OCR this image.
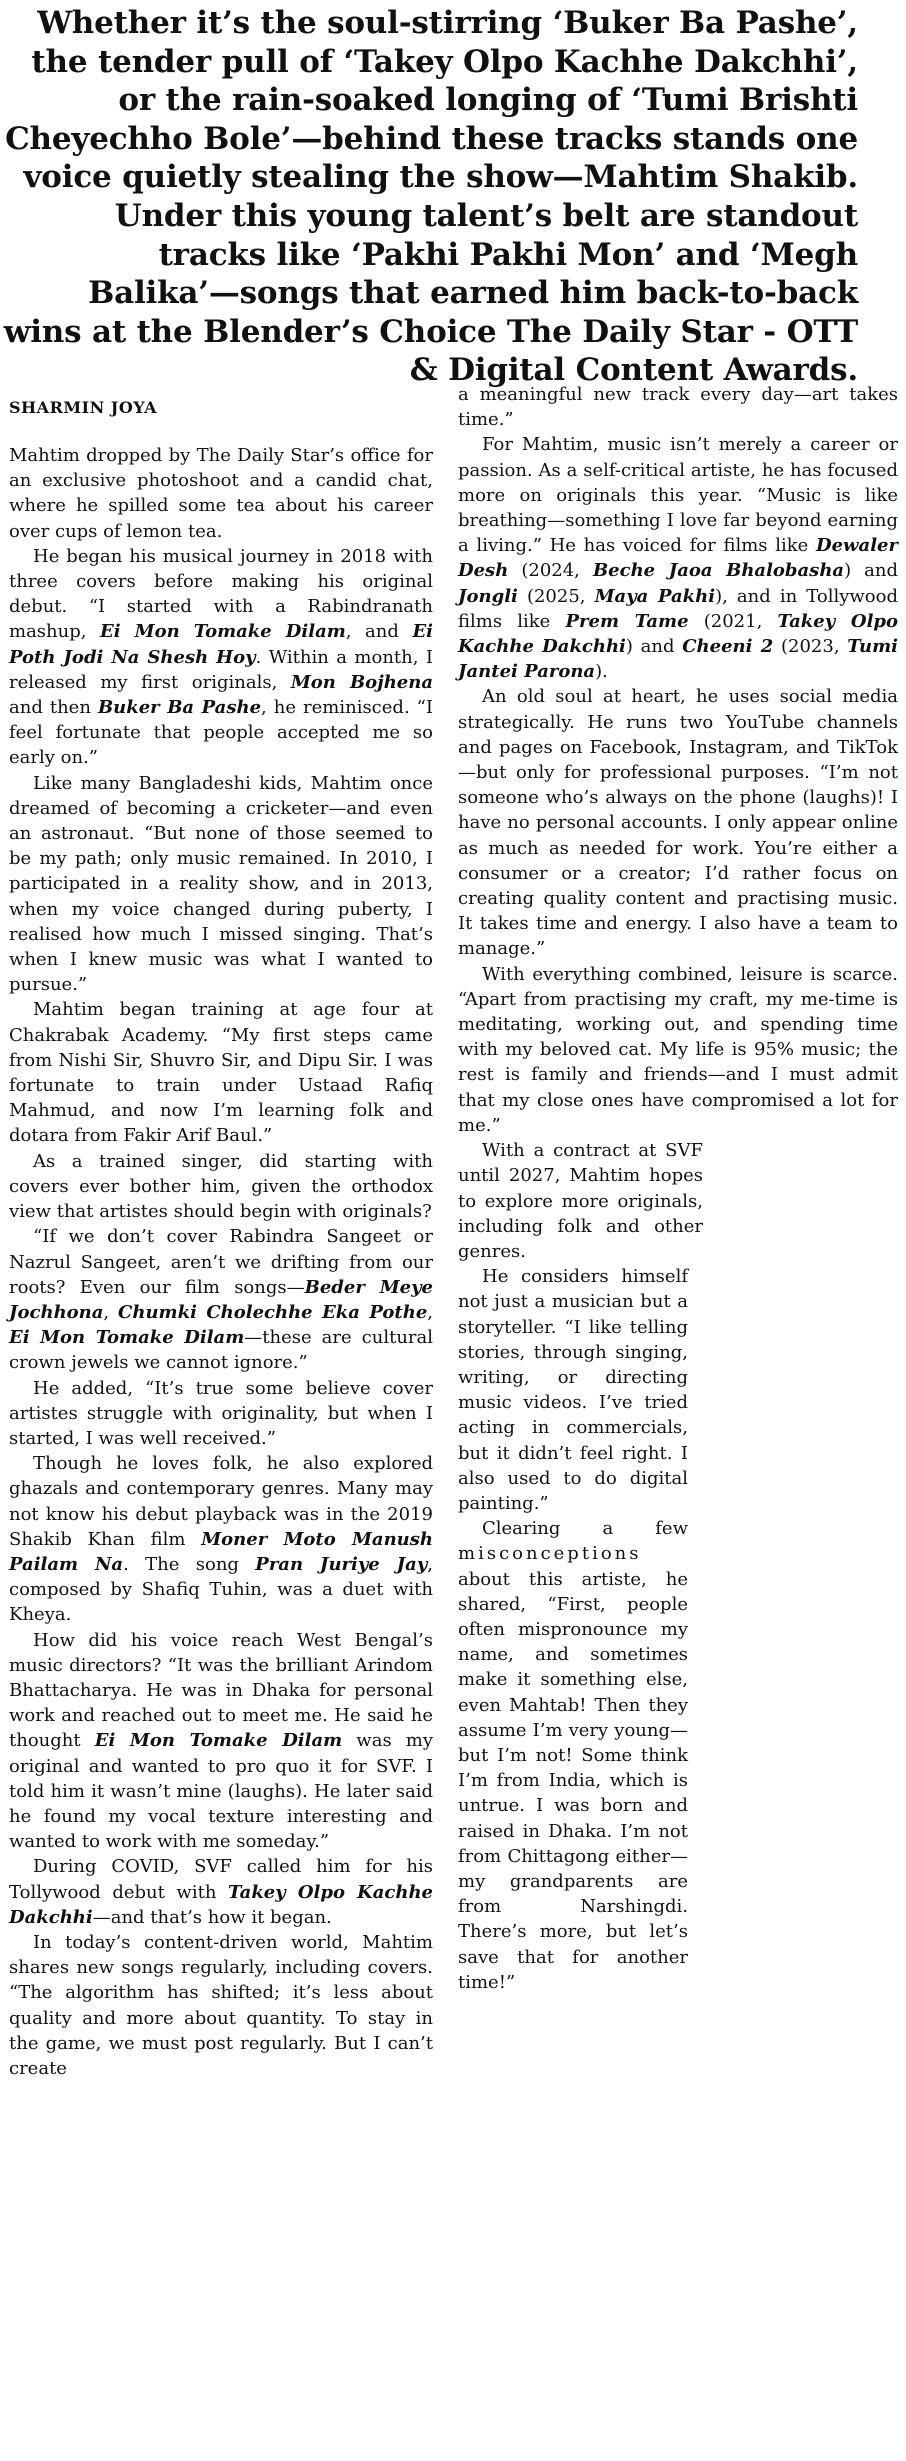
Whether it’s the soul-stirring ‘Buker Ba Pashe’, the tender pull of ‘Takey Olpo Kachhe Dakchhi’, or the rain-soaked longing of ‘Tumi Brishti Cheyechho Bole’—behind these tracks stands one voice quietly stealing the show—Mahtim Shakib. Under this young talent’s belt are standout tracks like ‘Pakhi Pakhi Mon’ and ‘Megh Balika’—songs that earned him back-to-back wins at the Blender’s Choice The Daily Star - OTT & Digital Content Awards.
SHARMIN JOYA

Mahtim dropped by The Daily Star’s office for an exclusive photoshoot and a candid chat, where he spilled some tea about his career over cups of lemon tea.

He began his musical journey in 2018 with three covers before making his original debut. “I started with a Rabindranath mashup, Ei Mon Tomake Dilam, and Ei Poth Jodi Na Shesh Hoy. Within a month, I released my first originals, Mon Bojhena and then Buker Ba Pashe, he reminisced. “I feel fortunate that people accepted me so early on.”

Like many Bangladeshi kids, Mahtim once dreamed of becoming a cricketer—and even an astronaut. “But none of those seemed to be my path; only music remained. In 2010, I participated in a reality show, and in 2013, when my voice changed during puberty, I realised how much I missed singing. That’s when I knew music was what I wanted to pursue.”

Mahtim began training at age four at Chakrabak Academy. “My first steps came from Nishi Sir, Shuvro Sir, and Dipu Sir. I was fortunate to train under Ustaad Rafiq Mahmud, and now I’m learning folk and dotara from Fakir Arif Baul.”

As a trained singer, did starting with covers ever bother him, given the orthodox view that artistes should begin with originals?

“If we don’t cover Rabindra Sangeet or Nazrul Sangeet, aren’t we drifting from our roots? Even our film songs—Beder Meye Jochhona, Chumki Cholechhe Eka Pothe, Ei Mon Tomake Dilam—these are cultural crown jewels we cannot ignore.”

He added, “It’s true some believe cover artistes struggle with originality, but when I started, I was well received.”

Though he loves folk, he also explored ghazals and contemporary genres. Many may not know his debut playback was in the 2019 Shakib Khan film Moner Moto Manush Pailam Na. The song Pran Juriye Jay, composed by Shafiq Tuhin, was a duet with Kheya.

How did his voice reach West Bengal’s music directors? “It was the brilliant Arindom Bhattacharya. He was in Dhaka for personal work and reached out to meet me. He said he thought Ei Mon Tomake Dilam was my original and wanted to pro quo it for SVF. I told him it wasn’t mine (laughs). He later said he found my vocal texture interesting and wanted to work with me someday.”

During COVID, SVF called him for his Tollywood debut with Takey Olpo Kachhe Dakchhi—and that’s how it began.

In today’s content-driven world, Mahtim shares new songs regularly, including covers. “The algorithm has shifted; it’s less about quality and more about quantity. To stay in the game, we must post regularly. But I can’t create

a meaningful new track every day—art takes time.”

For Mahtim, music isn’t merely a career or passion. As a self-critical artiste, he has focused more on originals this year. “Music is like breathing—something I love far beyond earning a living.” He has voiced for films like Dewaler Desh (2024, Beche Jaoa Bhalobasha) and Jongli (2025, Maya Pakhi), and in Tollywood films like Prem Tame (2021, Takey Olpo Kachhe Dakchhi) and Cheeni 2 (2023, Tumi Jantei Parona).

An old soul at heart, he uses social media strategically. He runs two YouTube channels and pages on Facebook, Instagram, and TikTok—but only for professional purposes. “I’m not someone who’s always on the phone (laughs)! I have no personal accounts. I only appear online as much as needed for work. You’re either a consumer or a creator; I’d rather focus on creating quality content and practising music. It takes time and energy. I also have a team to manage.”

With everything combined, leisure is scarce. “Apart from practising my craft, my me-time is meditating, working out, and spending time with my beloved cat. My life is 95% music; the rest is family and friends—and I must admit that my close ones have compromised a lot for me.”

With a contract at SVF until 2027, Mahtim hopes to explore more originals, including folk and other genres.

He considers himself not just a musician but a storyteller. “I like telling stories, through singing, writing, or directing music videos. I’ve tried acting in commercials, but it didn’t feel right. I also used to do digital painting.”

Clearing a few misconceptions about this artiste, he shared, “First, people often mispronounce my name, and sometimes make it something else, even Mahtab! Then they assume I’m very young—but I’m not! Some think I’m from India, which is untrue. I was born and raised in Dhaka. I’m not from Chittagong either—my grandparents are from Narshingdi. There’s more, but let’s save that for another time!”
